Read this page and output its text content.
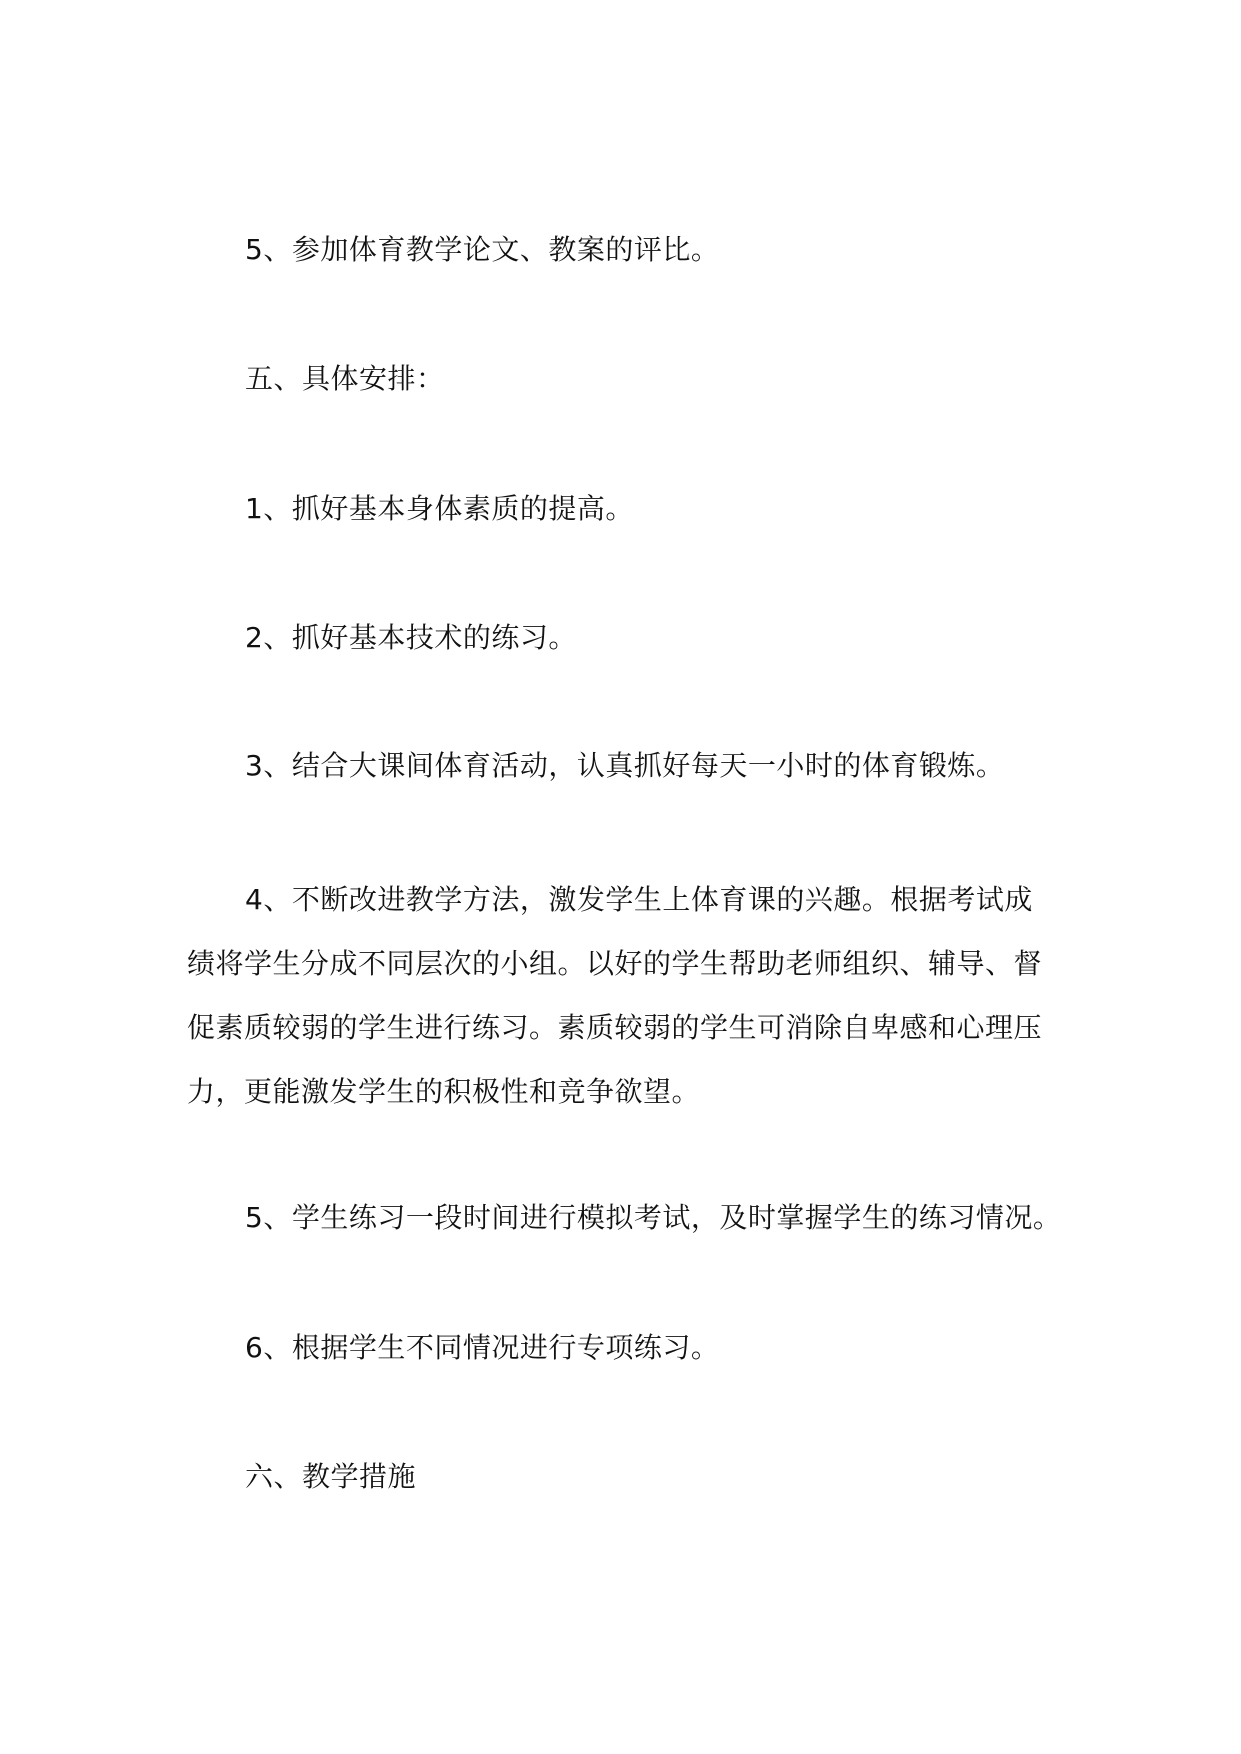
5、参加体育教学论文、教案的评比。
五、具体安排：
1、抓好基本身体素质的提高。
2、抓好基本技术的练习。
3、结合大课间体育活动，认真抓好每天一小时的体育锻炼。
4、不断改进教学方法，激发学生上体育课的兴趣。根据考试成
绩将学生分成不同层次的小组。以好的学生帮助老师组织、辅导、督
促素质较弱的学生进行练习。素质较弱的学生可消除自卑感和心理压
力，更能激发学生的积极性和竞争欲望。
5、学生练习一段时间进行模拟考试，及时掌握学生的练习情况。
6、根据学生不同情况进行专项练习。
六、教学措施
